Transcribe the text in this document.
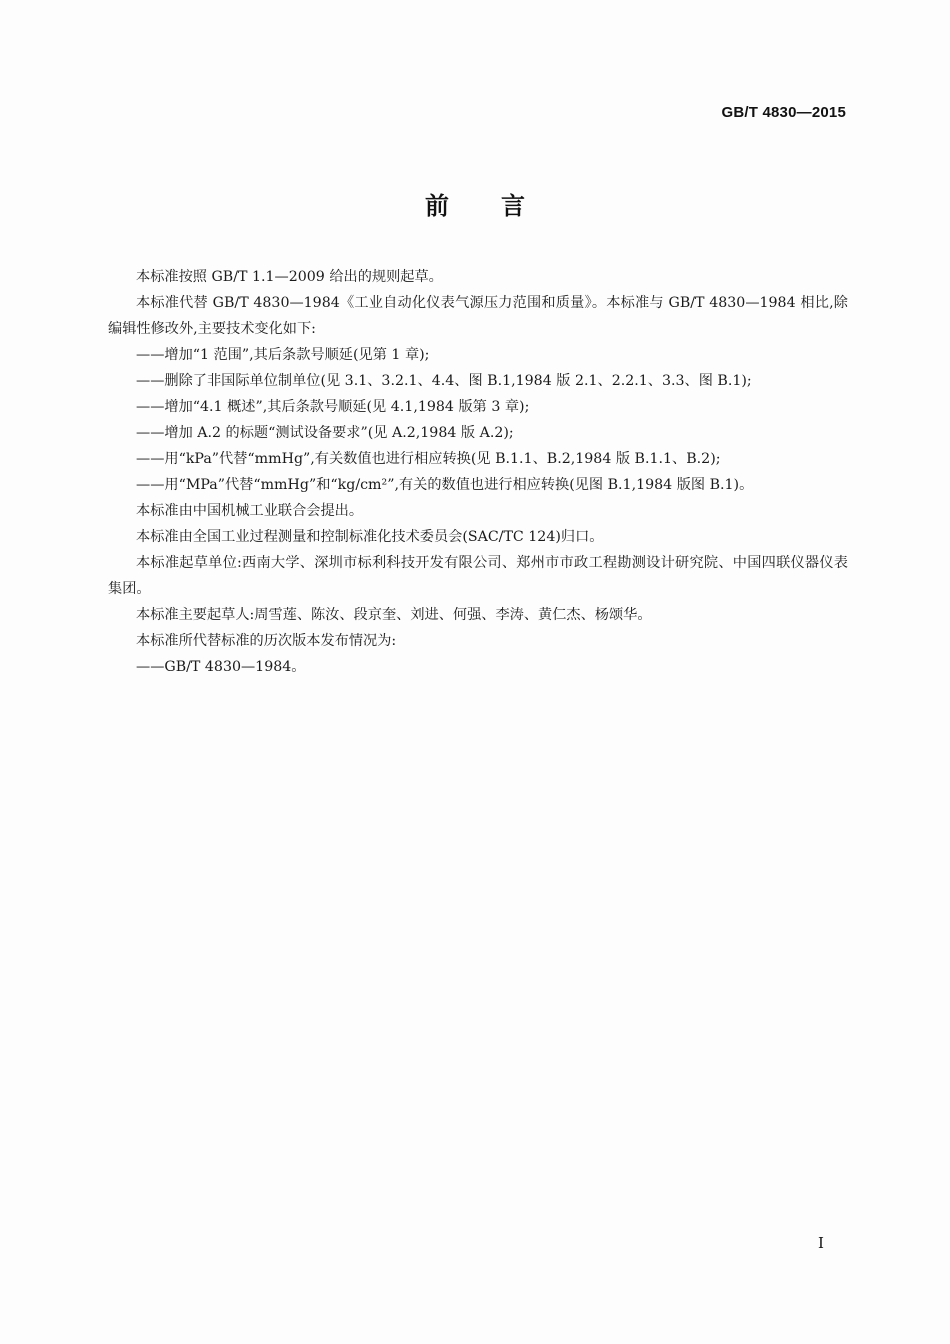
GB/T 4830—2015
前言

本标准按照 GB/T 1.1—2009 给出的规则起草。

本标准代替 GB/T 4830—1984《工业自动化仪表气源压力范围和质量》。本标准与 GB/T 4830—1984 相比,除编辑性修改外,主要技术变化如下:

——增加“1 范围”,其后条款号顺延(见第 1 章);

——删除了非国际单位制单位(见 3.1、3.2.1、4.4、图 B.1,1984 版 2.1、2.2.1、3.3、图 B.1);

——增加“4.1 概述”,其后条款号顺延(见 4.1,1984 版第 3 章);

——增加 A.2 的标题“测试设备要求”(见 A.2,1984 版 A.2);

——用“kPa”代替“mmHg”,有关数值也进行相应转换(见 B.1.1、B.2,1984 版 B.1.1、B.2);

——用“MPa”代替“mmHg”和“kg/cm²”,有关的数值也进行相应转换(见图 B.1,1984 版图 B.1)。

本标准由中国机械工业联合会提出。

本标准由全国工业过程测量和控制标准化技术委员会(SAC/TC 124)归口。

本标准起草单位:西南大学、深圳市标利科技开发有限公司、郑州市市政工程勘测设计研究院、中国四联仪器仪表集团。

本标准主要起草人:周雪莲、陈汝、段京奎、刘进、何强、李涛、黄仁杰、杨颂华。

本标准所代替标准的历次版本发布情况为:

——GB/T 4830—1984。

I
